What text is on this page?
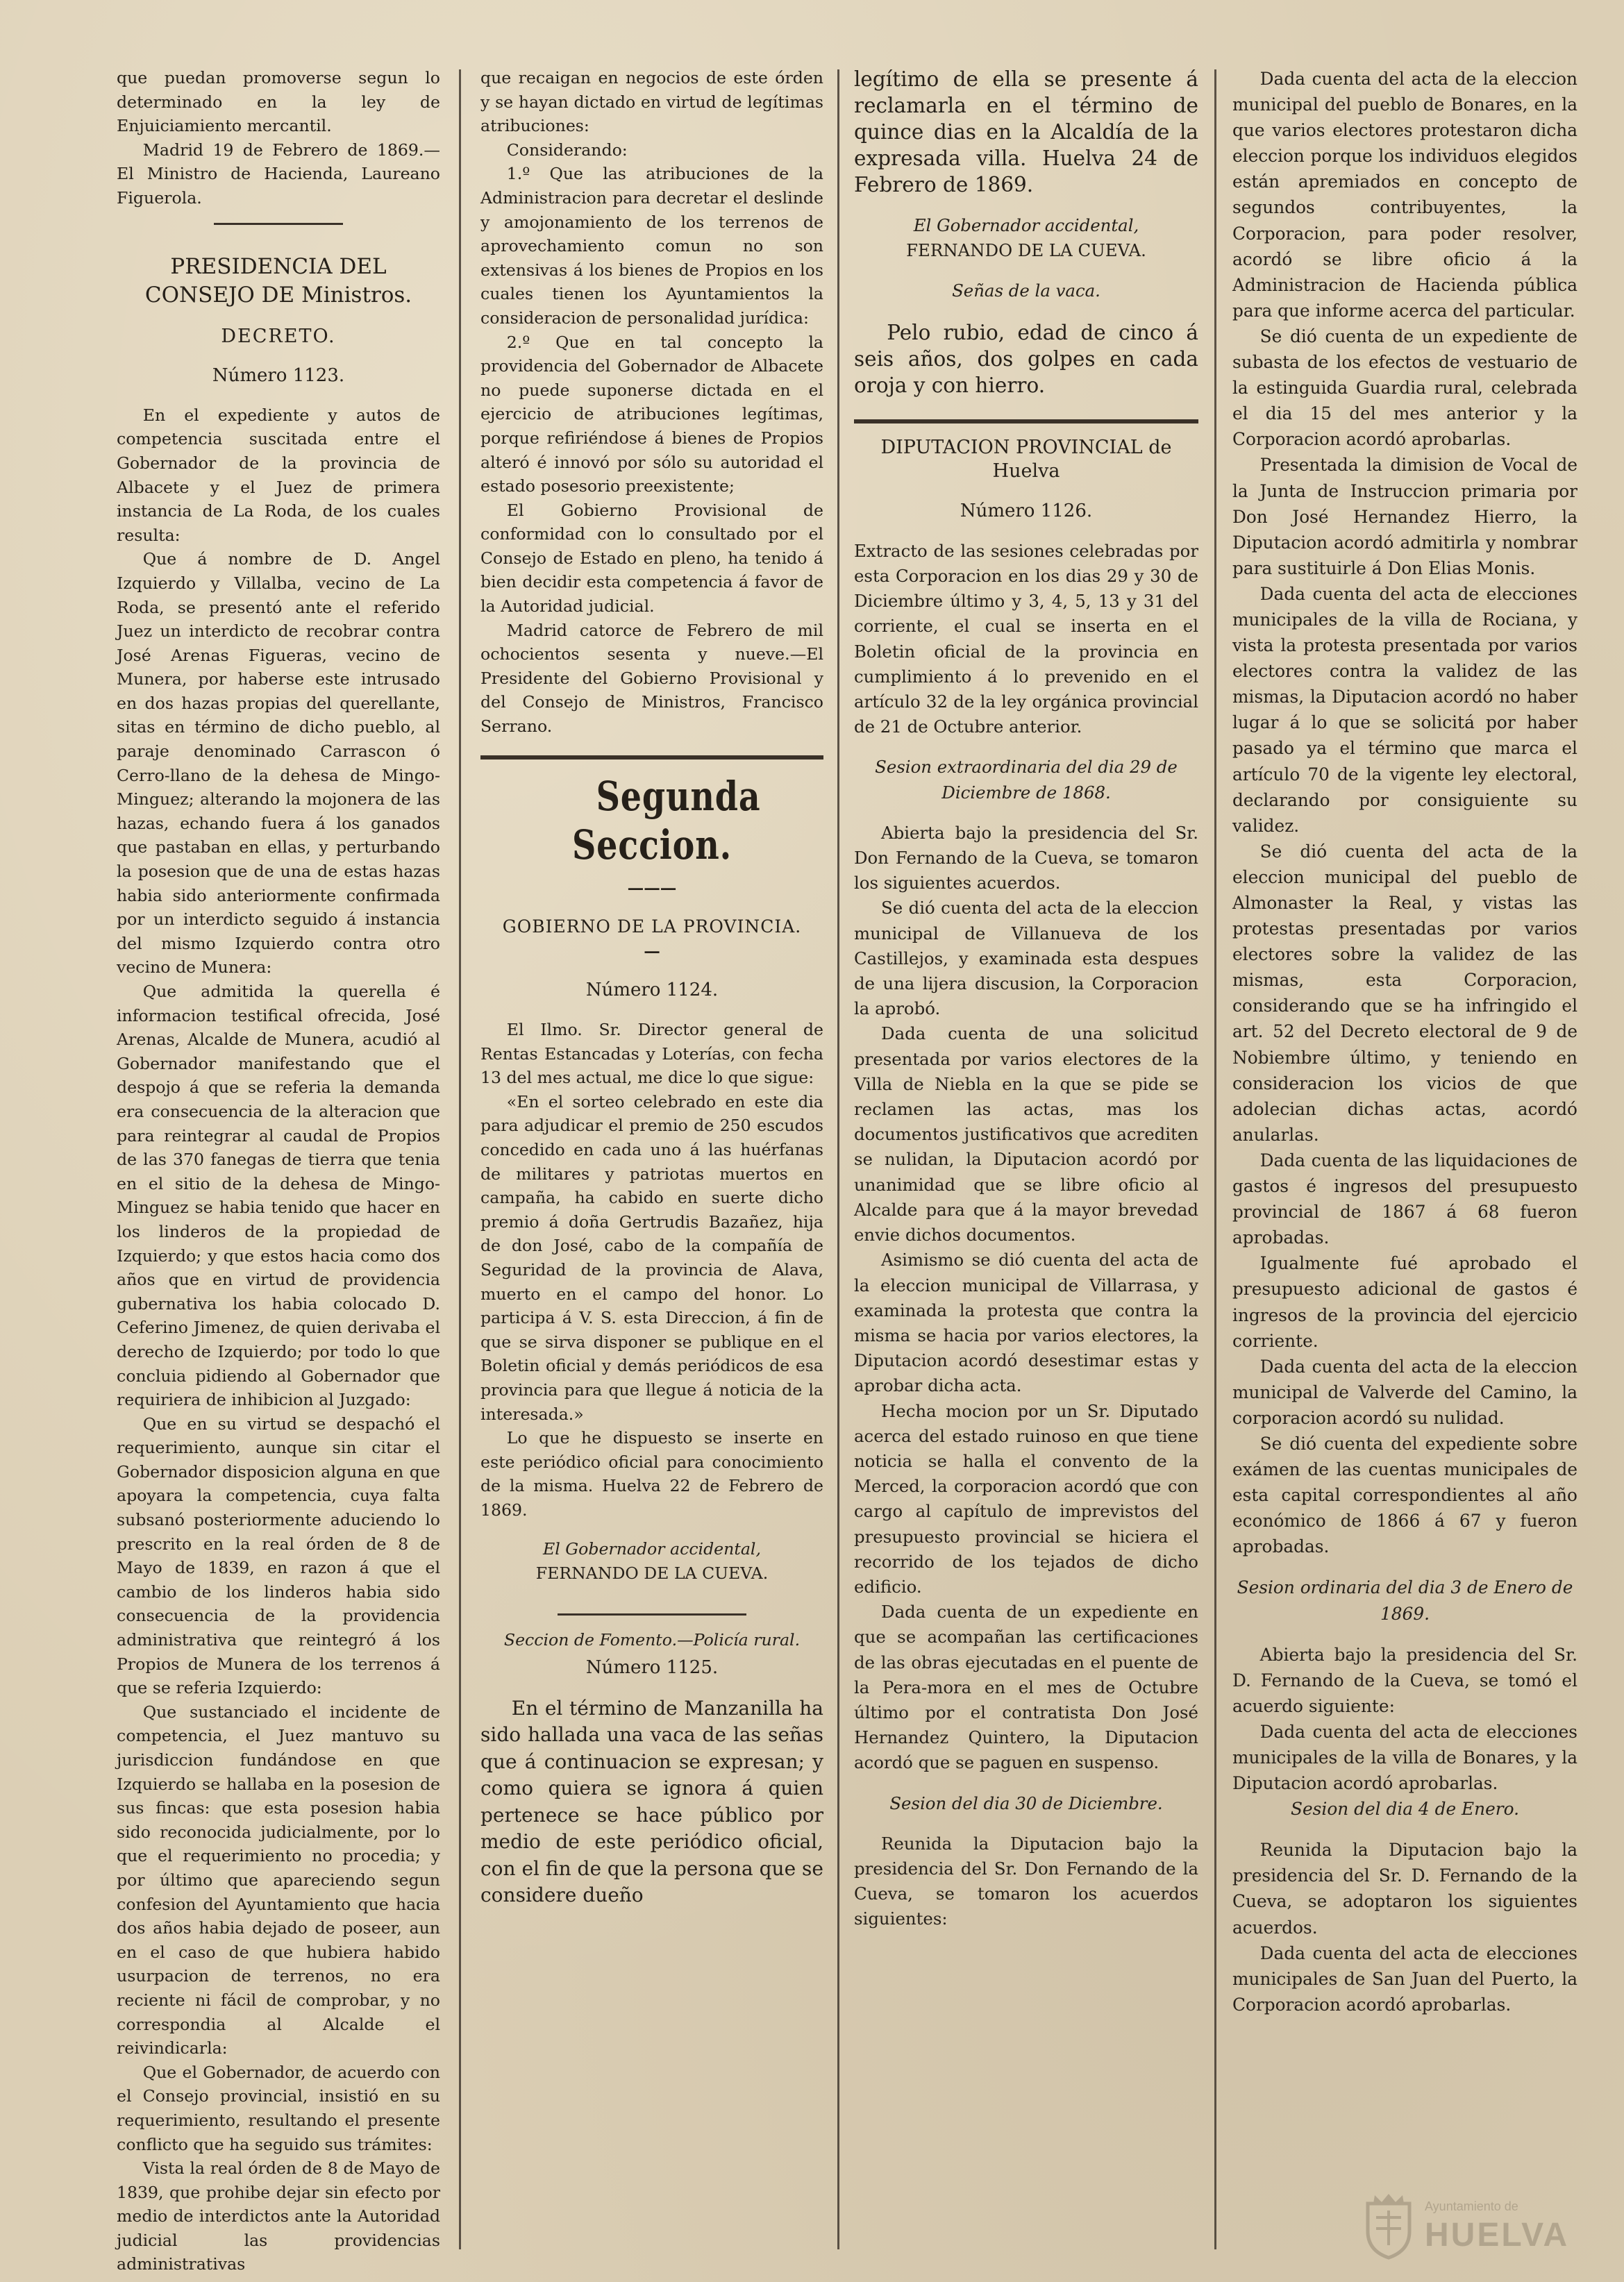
que puedan promoverse segun lo determinado en la ley de Enjuiciamiento mercantil.

Madrid 19 de Febrero de 1869.— El Ministro de Hacienda, Laureano Figuerola.

PRESIDENCIA DEL CONSEJO DE Ministros.

DECRETO.

Número 1123.

En el expediente y autos de competencia suscitada entre el Gobernador de la provincia de Albacete y el Juez de primera instancia de La Roda, de los cuales resulta:

Que á nombre de D. Angel Izquierdo y Villalba, vecino de La Roda, se presentó ante el referido Juez un interdicto de recobrar contra José Arenas Figueras, vecino de Munera, por haberse este intrusado en dos hazas propias del querellante, sitas en término de dicho pueblo, al paraje denominado Carrascon ó Cerro-llano de la dehesa de Mingo-Minguez; alterando la mojonera de las hazas, echando fuera á los ganados que pastaban en ellas, y perturbando la posesion que de una de estas hazas habia sido anteriormente confirmada por un interdicto seguido á instancia del mismo Izquierdo contra otro vecino de Munera:

Que admitida la querella é informacion testifical ofrecida, José Arenas, Alcalde de Munera, acudió al Gobernador manifestando que el despojo á que se referia la demanda era consecuencia de la alteracion que para reintegrar al caudal de Propios de las 370 fanegas de tierra que tenia en el sitio de la dehesa de Mingo-Minguez se habia tenido que hacer en los linderos de la propiedad de Izquierdo; y que estos hacia como dos años que en virtud de providencia gubernativa los habia colocado D. Ceferino Jimenez, de quien derivaba el derecho de Izquierdo; por todo lo que concluia pidiendo al Gobernador que requiriera de inhibicion al Juzgado:

Que en su virtud se despachó el requerimiento, aunque sin citar el Gobernador disposicion alguna en que apoyara la competencia, cuya falta subsanó posteriormente aduciendo lo prescrito en la real órden de 8 de Mayo de 1839, en razon á que el cambio de los linderos habia sido consecuencia de la providencia administrativa que reintegró á los Propios de Munera de los terrenos á que se referia Izquierdo:

Que sustanciado el incidente de competencia, el Juez mantuvo su jurisdiccion fundándose en que Izquierdo se hallaba en la posesion de sus fincas: que esta posesion habia sido reconocida judicialmente, por lo que el requerimiento no procedia; y por último que apareciendo segun confesion del Ayuntamiento que hacia dos años habia dejado de poseer, aun en el caso de que hubiera habido usurpacion de terrenos, no era reciente ni fácil de comprobar, y no correspondia al Alcalde el reivindicarla:

Que el Gobernador, de acuerdo con el Consejo provincial, insistió en su requerimiento, resultando el presente conflicto que ha seguido sus trámites:

Vista la real órden de 8 de Mayo de 1839, que prohibe dejar sin efecto por medio de interdictos ante la Autoridad judicial las providencias administrativas

que recaigan en negocios de este órden y se hayan dictado en virtud de legítimas atribuciones:

Considerando:

1.º Que las atribuciones de la Administracion para decretar el deslinde y amojonamiento de los terrenos de aprovechamiento comun no son extensivas á los bienes de Propios en los cuales tienen los Ayuntamientos la consideracion de personalidad jurídica:

2.º Que en tal concepto la providencia del Gobernador de Albacete no puede suponerse dictada en el ejercicio de atribuciones legítimas, porque refiriéndose á bienes de Propios alteró é innovó por sólo su autoridad el estado posesorio preexistente;

El Gobierno Provisional de conformidad con lo consultado por el Consejo de Estado en pleno, ha tenido á bien decidir esta competencia á favor de la Autoridad judicial.

Madrid catorce de Febrero de mil ochocientos sesenta y nueve.—El Presidente del Gobierno Provisional y del Consejo de Ministros, Francisco Serrano.

Segunda Seccion.

———

GOBIERNO DE LA PROVINCIA.

—

Número 1124.

El Ilmo. Sr. Director general de Rentas Estancadas y Loterías, con fecha 13 del mes actual, me dice lo que sigue:

«En el sorteo celebrado en este dia para adjudicar el premio de 250 escudos concedido en cada uno á las huérfanas de militares y patriotas muertos en campaña, ha cabido en suerte dicho premio á doña Gertrudis Bazañez, hija de don José, cabo de la compañía de Seguridad de la provincia de Alava, muerto en el campo del honor. Lo participa á V. S. esta Direccion, á fin de que se sirva disponer se publique en el Boletin oficial y demás periódicos de esa provincia para que llegue á noticia de la interesada.»

Lo que he dispuesto se inserte en este periódico oficial para conocimiento de la misma. Huelva 22 de Febrero de 1869.

El Gobernador accidental,

FERNANDO DE LA CUEVA.

Seccion de Fomento.—Policía rural.

Número 1125.

En el término de Manzanilla ha sido hallada una vaca de las señas que á continuacion se expresan; y como quiera se ignora á quien pertenece se hace público por medio de este periódico oficial, con el fin de que la persona que se considere dueño

legítimo de ella se presente á reclamarla en el término de quince dias en la Alcaldía de la expresada villa. Huelva 24 de Febrero de 1869.

El Gobernador accidental,

FERNANDO DE LA CUEVA.

Señas de la vaca.

Pelo rubio, edad de cinco á seis años, dos golpes en cada oroja y con hierro.

DIPUTACION PROVINCIAL de Huelva

Número 1126.

Extracto de las sesiones celebradas por esta Corporacion en los dias 29 y 30 de Diciembre último y 3, 4, 5, 13 y 31 del corriente, el cual se inserta en el Boletin oficial de la provincia en cumplimiento á lo prevenido en el artículo 32 de la ley orgánica provincial de 21 de Octubre anterior.

Sesion extraordinaria del dia 29 de Diciembre de 1868.

Abierta bajo la presidencia del Sr. Don Fernando de la Cueva, se tomaron los siguientes acuerdos.

Se dió cuenta del acta de la eleccion municipal de Villanueva de los Castillejos, y examinada esta despues de una lijera discusion, la Corporacion la aprobó.

Dada cuenta de una solicitud presentada por varios electores de la Villa de Niebla en la que se pide se reclamen las actas, mas los documentos justificativos que acrediten se nulidan, la Diputacion acordó por unanimidad que se libre oficio al Alcalde para que á la mayor brevedad envie dichos documentos.

Asimismo se dió cuenta del acta de la eleccion municipal de Villarrasa, y examinada la protesta que contra la misma se hacia por varios electores, la Diputacion acordó desestimar estas y aprobar dicha acta.

Hecha mocion por un Sr. Diputado acerca del estado ruinoso en que tiene noticia se halla el convento de la Merced, la corporacion acordó que con cargo al capítulo de imprevistos del presupuesto provincial se hiciera el recorrido de los tejados de dicho edificio.

Dada cuenta de un expediente en que se acompañan las certificaciones de las obras ejecutadas en el puente de la Pera-mora en el mes de Octubre último por el contratista Don José Hernandez Quintero, la Diputacion acordó que se paguen en suspenso.

Sesion del dia 30 de Diciembre.

Reunida la Diputacion bajo la presidencia del Sr. Don Fernando de la Cueva, se tomaron los acuerdos siguientes:

Dada cuenta del acta de la eleccion municipal del pueblo de Bonares, en la que varios electores protestaron dicha eleccion porque los individuos elegidos están apremiados en concepto de segundos contribuyentes, la Corporacion, para poder resolver, acordó se libre oficio á la Administracion de Hacienda pública para que informe acerca del particular.

Se dió cuenta de un expediente de subasta de los efectos de vestuario de la estinguida Guardia rural, celebrada el dia 15 del mes anterior y la Corporacion acordó aprobarlas.

Presentada la dimision de Vocal de la Junta de Instruccion primaria por Don José Hernandez Hierro, la Diputacion acordó admitirla y nombrar para sustituirle á Don Elias Monis.

Dada cuenta del acta de elecciones municipales de la villa de Rociana, y vista la protesta presentada por varios electores contra la validez de las mismas, la Diputacion acordó no haber lugar á lo que se solicitá por haber pasado ya el término que marca el artículo 70 de la vigente ley electoral, declarando por consiguiente su validez.

Se dió cuenta del acta de la eleccion municipal del pueblo de Almonaster la Real, y vistas las protestas presentadas por varios electores sobre la validez de las mismas, esta Corporacion, considerando que se ha infringido el art. 52 del Decreto electoral de 9 de Nobiembre último, y teniendo en consideracion los vicios de que adolecian dichas actas, acordó anularlas.

Dada cuenta de las liquidaciones de gastos é ingresos del presupuesto provincial de 1867 á 68 fueron aprobadas.

Igualmente fué aprobado el presupuesto adicional de gastos é ingresos de la provincia del ejercicio corriente.

Dada cuenta del acta de la eleccion municipal de Valverde del Camino, la corporacion acordó su nulidad.

Se dió cuenta del expediente sobre exámen de las cuentas municipales de esta capital correspondientes al año económico de 1866 á 67 y fueron aprobadas.

Sesion ordinaria del dia 3 de Enero de 1869.

Abierta bajo la presidencia del Sr. D. Fernando de la Cueva, se tomó el acuerdo siguiente:

Dada cuenta del acta de elecciones municipales de la villa de Bonares, y la Diputacion acordó aprobarlas.

Sesion del dia 4 de Enero.

Reunida la Diputacion bajo la presidencia del Sr. D. Fernando de la Cueva, se adoptaron los siguientes acuerdos.

Dada cuenta del acta de elecciones municipales de San Juan del Puerto, la Corporacion acordó aprobarlas.

Ayuntamiento de
HUELVA
